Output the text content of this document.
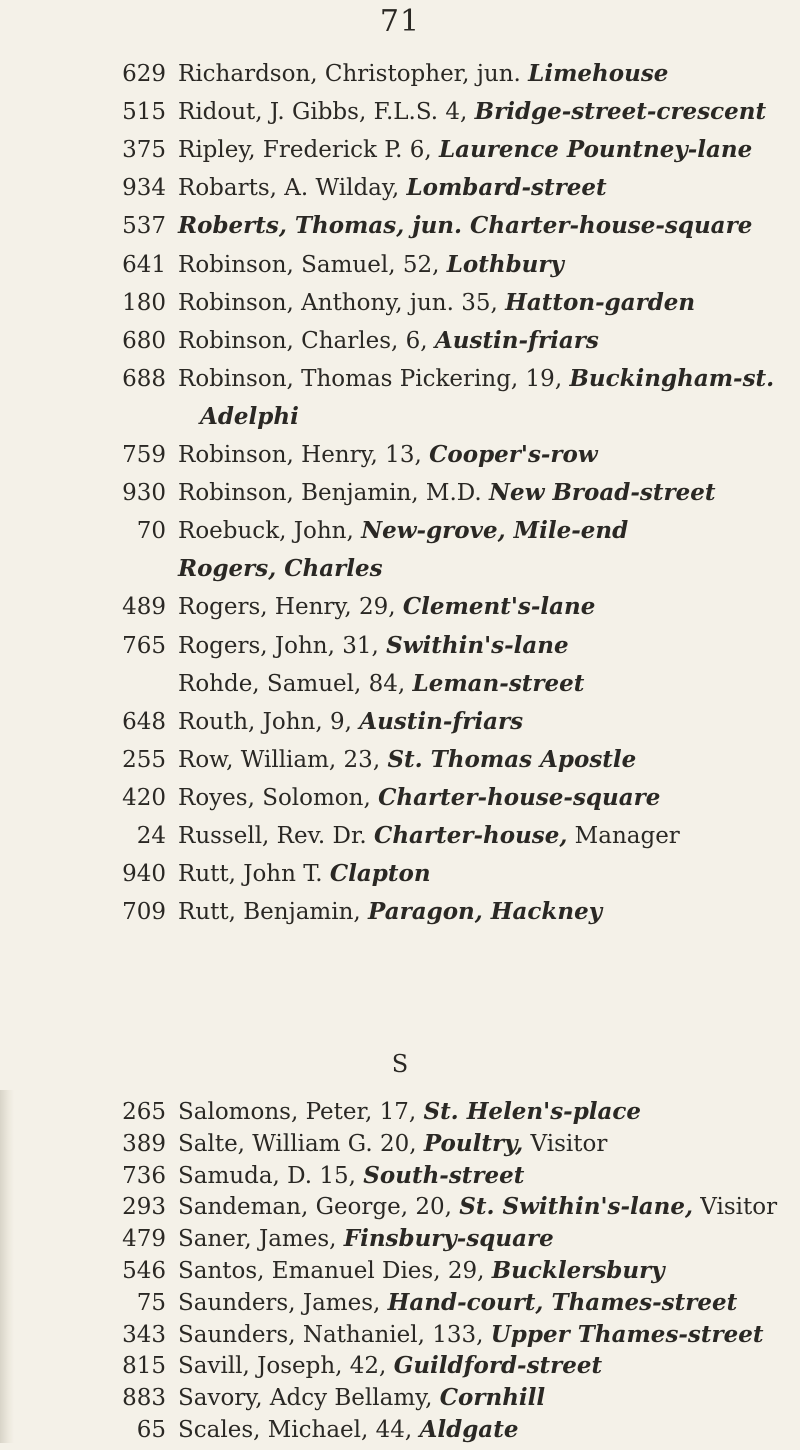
71
629 Richardson, Christopher, jun. Limehouse
515 Ridout, J. Gibbs, F.L.S. 4, Bridge-street-crescent
375 Ripley, Frederick P. 6, Laurence Pountney-lane
934 Robarts, A. Wilday, Lombard-street
537 Roberts, Thomas, jun. Charter-house-square
641 Robinson, Samuel, 52, Lothbury
180 Robinson, Anthony, jun. 35, Hatton-garden
680 Robinson, Charles, 6, Austin-friars
688 Robinson, Thomas Pickering, 19, Buckingham-st.
Adelphi
759 Robinson, Henry, 13, Cooper's-row
930 Robinson, Benjamin, M.D. New Broad-street
70 Roebuck, John, New-grove, Mile-end
Rogers, Charles
489 Rogers, Henry, 29, Clement's-lane
765 Rogers, John, 31, Swithin's-lane
Rohde, Samuel, 84, Leman-street
648 Routh, John, 9, Austin-friars
255 Row, William, 23, St. Thomas Apostle
420 Royes, Solomon, Charter-house-square
24 Russell, Rev. Dr. Charter-house, Manager
940 Rutt, John T. Clapton
709 Rutt, Benjamin, Paragon, Hackney
S
265 Salomons, Peter, 17, St. Helen's-place
389 Salte, William G. 20, Poultry, Visitor
736 Samuda, D. 15, South-street
293 Sandeman, George, 20, St. Swithin's-lane, Visitor
479 Saner, James, Finsbury-square
546 Santos, Emanuel Dies, 29, Bucklersbury
75 Saunders, James, Hand-court, Thames-street
343 Saunders, Nathaniel, 133, Upper Thames-street
815 Savill, Joseph, 42, Guildford-street
883 Savory, Adcy Bellamy, Cornhill
65 Scales, Michael, 44, Aldgate
